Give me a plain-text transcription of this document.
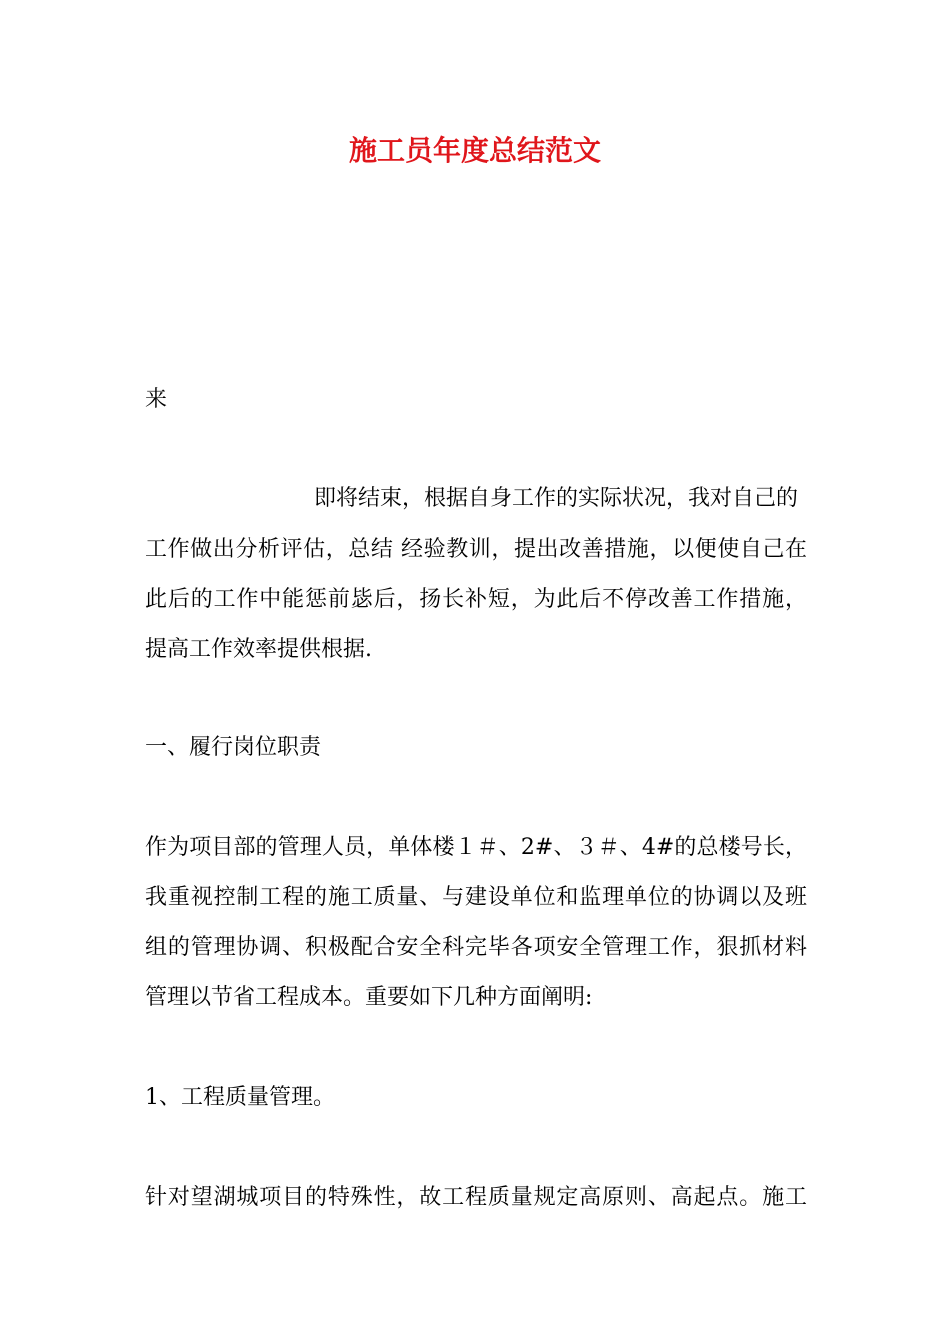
施工员年度总结范文
来
即将结束，根据自身工作的实际状况，我对自己的
工作做出分析评估，总结 经验教训，提出改善措施，以便使自己在
此后的工作中能惩前毖后，扬长补短，为此后不停改善工作措施，
提高工作效率提供根据.
一、履行岗位职责
作为项目部的管理人员，单体楼１＃、2#、３＃、4#的总楼号长，
我重视控制工程的施工质量、与建设单位和监理单位的协调以及班
组的管理协调、积极配合安全科完毕各项安全管理工作，狠抓材料
管理以节省工程成本。重要如下几种方面阐明:
1、工程质量管理。
针对望湖城项目的特殊性，故工程质量规定高原则、高起点。施工
